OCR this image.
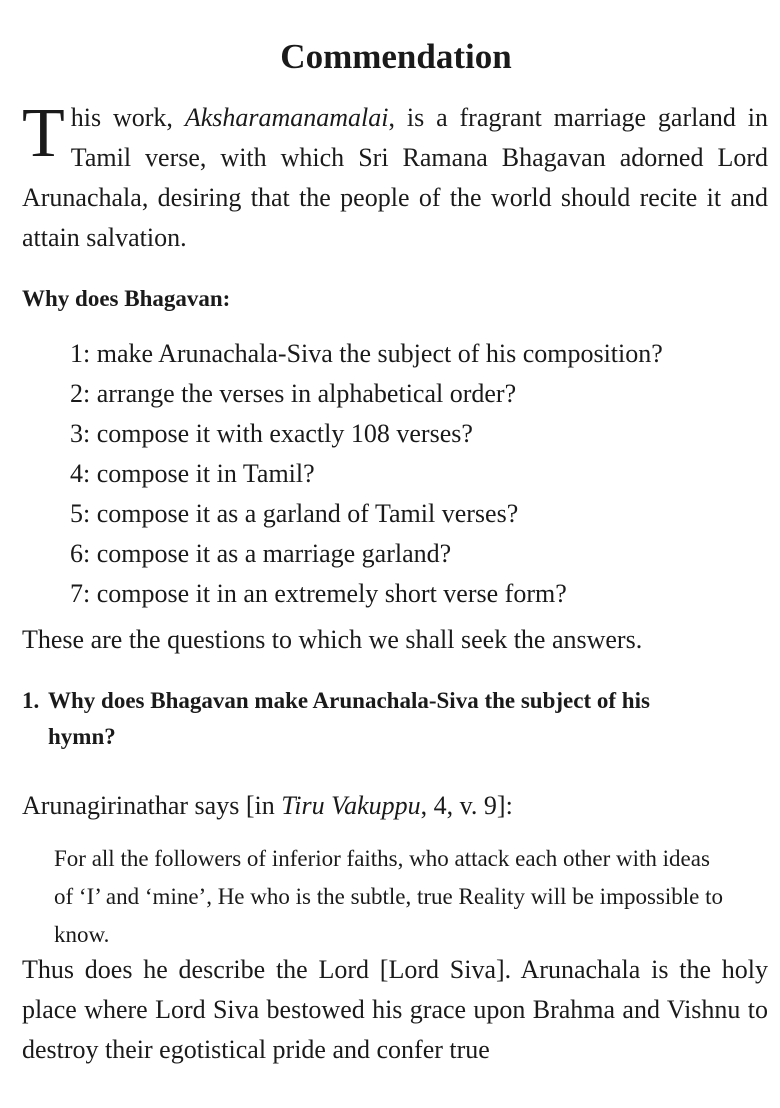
Commendation

This work, Aksharamanamalai, is a fragrant marriage garland in Tamil verse, with which Sri Ramana Bhagavan adorned Lord Arunachala, desiring that the people of the world should recite it and attain salvation.

Why does Bhagavan:
1: make Arunachala-Siva the subject of his composition?
2: arrange the verses in alphabetical order?
3: compose it with exactly 108 verses?
4: compose it in Tamil?
5: compose it as a garland of Tamil verses?
6: compose it as a marriage garland?
7: compose it in an extremely short verse form?
These are the questions to which we shall seek the answers.
1. Why does Bhagavan make Arunachala-Siva the subject of his
hymn?
Arunagirinathar says [in Tiru Vakuppu, 4, v. 9]:
For all the followers of inferior faiths, who attack each other with ideas of ‘I’ and ‘mine’, He who is the subtle, true Reality will be impossible to know.

Thus does he describe the Lord [Lord Siva]. Arunachala is the holy place where Lord Siva bestowed his grace upon Brahma and Vishnu to destroy their egotistical pride and confer true
